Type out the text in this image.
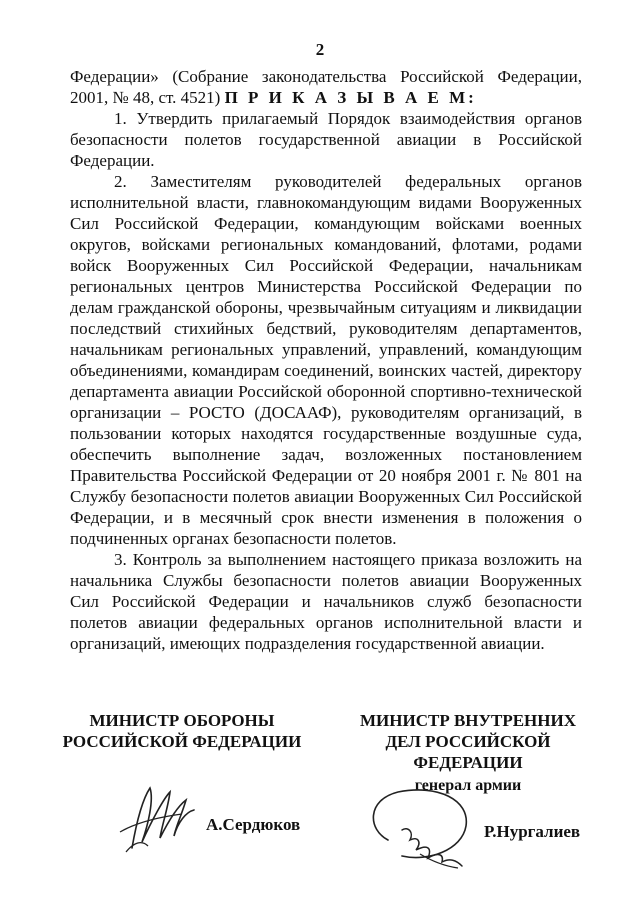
2

Федерации» (Собрание законодательства Российской Федерации, 2001, № 48, ст. 4521) П Р И К А З Ы В А Е М:

1. Утвердить прилагаемый Порядок взаимодействия органов безопасности полетов государственной авиации в Российской Федерации.

2. Заместителям руководителей федеральных органов исполнительной власти, главнокомандующим видами Вооруженных Сил Российской Федерации, командующим войсками военных округов, войсками региональных командований, флотами, родами войск Вооруженных Сил Российской Федерации, начальникам региональных центров Министерства Российской Федерации по делам гражданской обороны, чрезвычайным ситуациям и ликвидации последствий стихийных бедствий, руководителям департаментов, начальникам региональных управлений, управлений, командующим объединениями, командирам соединений, воинских частей, директору департамента авиации Российской оборонной спортивно-технической организации – РОСТО (ДОСААФ), руководителям организаций, в пользовании которых находятся государственные воздушные суда, обеспечить выполнение задач, возложенных постановлением Правительства Российской Федерации от 20 ноября 2001 г. № 801 на Службу безопасности полетов авиации Вооруженных Сил Российской Федерации, и в месячный срок внести изменения в положения о подчиненных органах безопасности полетов.

3. Контроль за выполнением настоящего приказа возложить на начальника Службы безопасности полетов авиации Вооруженных Сил Российской Федерации и начальников служб безопасности полетов авиации федеральных органов исполнительной власти и организаций, имеющих подразделения государственной авиации.

МИНИСТР ОБОРОНЫ
РОССИЙСКОЙ ФЕДЕРАЦИИ
МИНИСТР ВНУТРЕННИХ
ДЕЛ РОССИЙСКОЙ
ФЕДЕРАЦИИ
генерал армии
А.Сердюков	Р.Нургалиев
